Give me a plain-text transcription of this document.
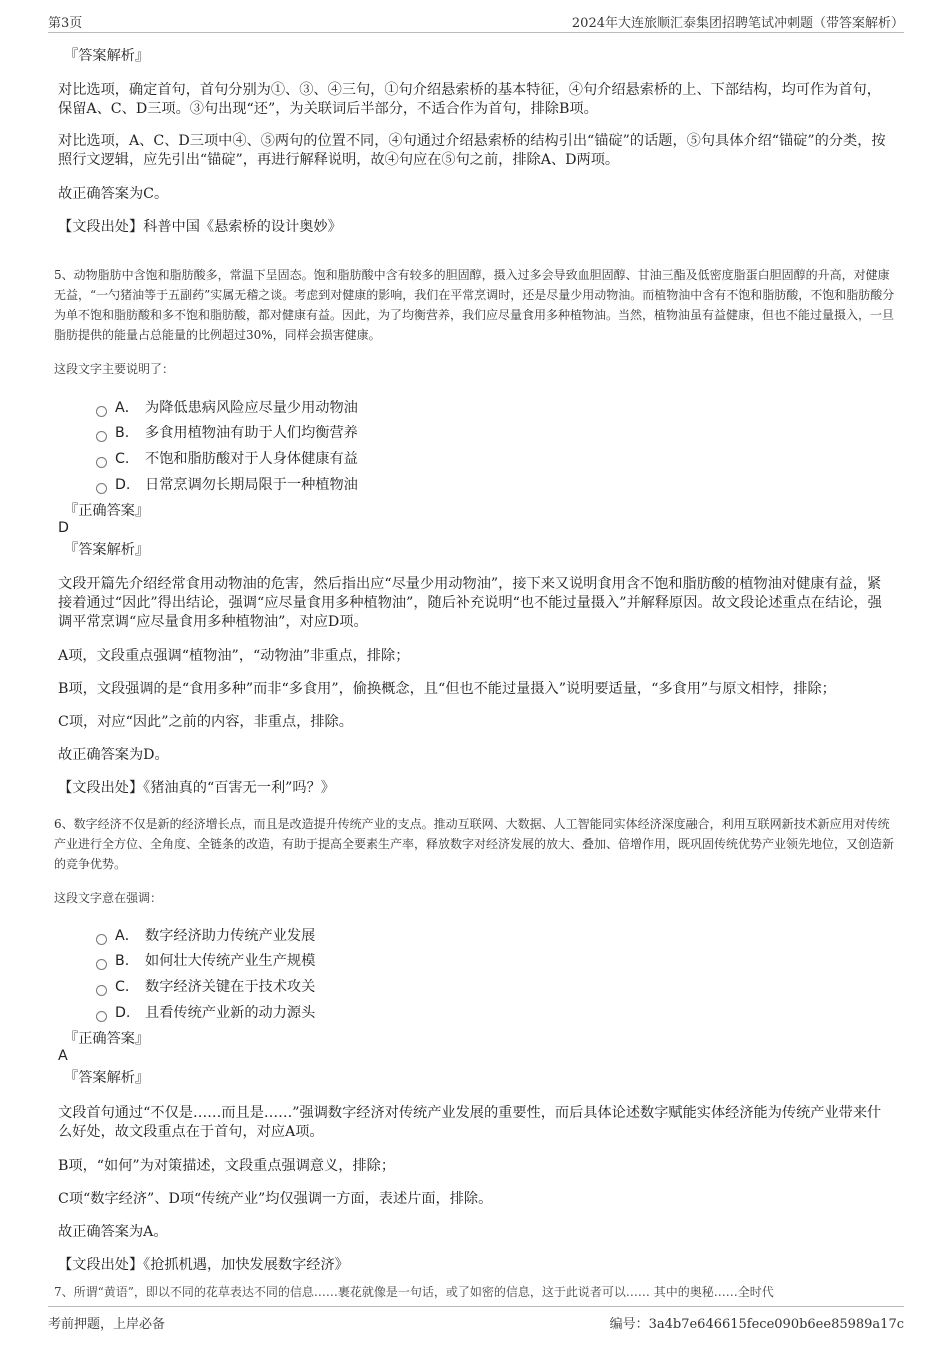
第3页	2024年大连旅顺汇泰集团招聘笔试冲刺题（带答案解析）
『答案解析』
对比选项，确定首句，首句分别为①、③、④三句，①句介绍悬索桥的基本特征，④句介绍悬索桥的上、下部结构，均可作为首句，保留A、C、D三项。③句出现“还”，为关联词后半部分，不适合作为首句，排除B项。
对比选项，A、C、D三项中④、⑤两句的位置不同，④句通过介绍悬索桥的结构引出“锚碇”的话题，⑤句具体介绍“锚碇”的分类，按照行文逻辑，应先引出“锚碇”，再进行解释说明，故④句应在⑤句之前，排除A、D两项。
故正确答案为C。
【文段出处】科普中国《悬索桥的设计奥妙》
5、动物脂肪中含饱和脂肪酸多，常温下呈固态。饱和脂肪酸中含有较多的胆固醇，摄入过多会导致血胆固醇、甘油三酯及低密度脂蛋白胆固醇的升高，对健康无益，“一勺猪油等于五副药”实属无稽之谈。考虑到对健康的影响，我们在平常烹调时，还是尽量少用动物油。而植物油中含有不饱和脂肪酸，不饱和脂肪酸分为单不饱和脂肪酸和多不饱和脂肪酸，都对健康有益。因此，为了均衡营养，我们应尽量食用多种植物油。当然，植物油虽有益健康，但也不能过量摄入，一旦脂肪提供的能量占总能量的比例超过30%，同样会损害健康。
这段文字主要说明了：
A． 为降低患病风险应尽量少用动物油
B. 多食用植物油有助于人们均衡营养
C. 不饱和脂肪酸对于人身体健康有益
D. 日常烹调勿长期局限于一种植物油
『正确答案』
D
『答案解析』
文段开篇先介绍经常食用动物油的危害，然后指出应“尽量少用动物油”，接下来又说明食用含不饱和脂肪酸的植物油对健康有益，紧接着通过“因此”得出结论，强调“应尽量食用多种植物油”，随后补充说明“也不能过量摄入”并解释原因。故文段论述重点在结论，强调平常烹调“应尽量食用多种植物油”，对应D项。
A项，文段重点强调“植物油”，“动物油”非重点，排除；
B项，文段强调的是“食用多种”而非“多食用”，偷换概念，且“但也不能过量摄入”说明要适量，“多食用”与原文相悖，排除；
C项，对应“因此”之前的内容，非重点，排除。
故正确答案为D。
【文段出处】《猪油真的“百害无一利”吗？》
6、数字经济不仅是新的经济增长点，而且是改造提升传统产业的支点。推动互联网、大数据、人工智能同实体经济深度融合，利用互联网新技术新应用对传统产业进行全方位、全角度、全链条的改造，有助于提高全要素生产率，释放数字对经济发展的放大、叠加、倍增作用，既巩固传统优势产业领先地位，又创造新的竞争优势。
这段文字意在强调：
A． 数字经济助力传统产业发展
B. 如何壮大传统产业生产规模
C. 数字经济关键在于技术攻关
D. 且看传统产业新的动力源头
『正确答案』
A
『答案解析』
文段首句通过“不仅是……而且是……”强调数字经济对传统产业发展的重要性，而后具体论述数字赋能实体经济能为传统产业带来什么好处，故文段重点在于首句，对应A项。
B项，“如何”为对策描述，文段重点强调意义，排除；
C项“数字经济”、D项“传统产业”均仅强调一方面，表述片面，排除。
故正确答案为A。
【文段出处】《抢抓机遇，加快发展数字经济》
7、所谓“黄语”，即以不同的花草表达不同的信息……裹花就像是一句话，或了如密的信息，这于此说者可以…… 其中的奥秘……全时代
考前押题，上岸必备	编号：3a4b7e646615fece090b6ee85989a17c
